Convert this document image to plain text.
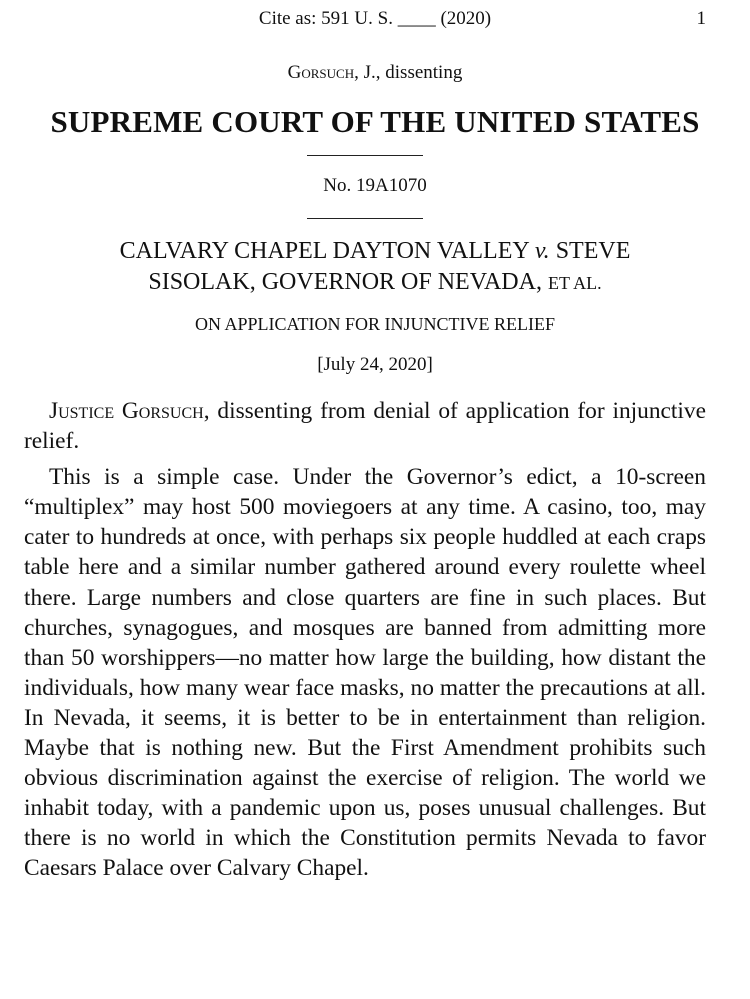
Cite as: 591 U. S. ____ (2020)	1
Gorsuch, J., dissenting
SUPREME COURT OF THE UNITED STATES
No. 19A1070
CALVARY CHAPEL DAYTON VALLEY v. STEVE
SISOLAK, GOVERNOR OF NEVADA, ET AL.
ON APPLICATION FOR INJUNCTIVE RELIEF
[July 24, 2020]

Justice Gorsuch, dissenting from denial of application for injunctive relief.

This is a simple case. Under the Governor’s edict, a 10-screen “multiplex” may host 500 moviegoers at any time. A casino, too, may cater to hundreds at once, with perhaps six people huddled at each craps table here and a similar number gathered around every roulette wheel there. Large numbers and close quarters are fine in such places. But churches, synagogues, and mosques are banned from admitting more than 50 worshippers—no matter how large the building, how distant the individuals, how many wear face masks, no matter the precautions at all. In Nevada, it seems, it is better to be in entertainment than religion. Maybe that is nothing new. But the First Amendment prohibits such obvious discrimination against the exercise of religion. The world we inhabit today, with a pandemic upon us, poses unusual challenges. But there is no world in which the Constitution permits Nevada to favor Caesars Palace over Calvary Chapel.
